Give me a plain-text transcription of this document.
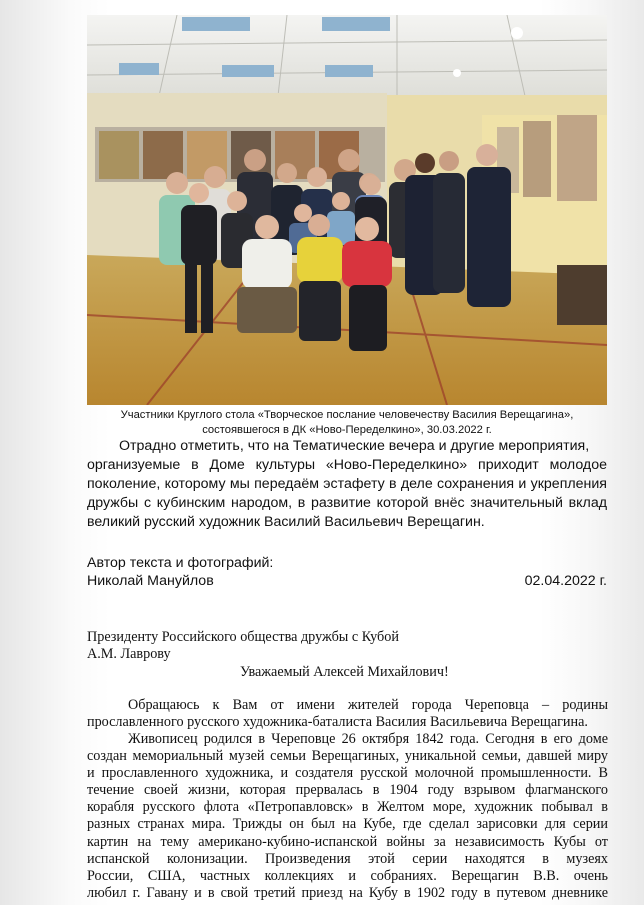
Участники Круглого стола «Творческое послание человечеству Василия Верещагина»,
состоявшегося в ДК «Ново-Переделкино», 30.03.2022 г.

Отрадно отметить, что на Тематические вечера и другие мероприятия,
организуемые в Доме культуры «Ново-Переделкино» приходит молодое
поколение, которому мы передаём эстафету в деле сохранения и укрепления
дружбы с кубинским народом, в развитие которой внёс значительный вклад
великий русский художник Василий Васильевич Верещагин.

Автор текста и фотографий:
Николай Мануйлов	02.04.2022 г.
Президенту Российского общества дружбы с Кубой
А.М. Лаврову
Уважаемый Алексей Михайлович!

Обращаюсь к Вам от имени жителей города Череповца – родины
прославленного русского художника-баталиста Василия Васильевича Верещагина.

Живописец родился в Череповце 26 октября 1842 года. Сегодня в его доме
создан мемориальный музей семьи Верещагиных, уникальной семьи, давшей миру
и прославленного художника, и создателя русской молочной промышленности. В
течение своей жизни, которая прервалась в 1904 году взрывом флагманского
корабля русского флота «Петропавловск» в Желтом море, художник побывал в
разных странах мира. Трижды он был на Кубе, где сделал зарисовки для серии
картин на тему американо-кубино-испанской войны за независимость Кубы от
испанской колонизации. Произведения этой серии находятся в музеях
России, США, частных коллекциях и собраниях. Верещагин В.В. очень
любил г. Гавану и в свой третий приезд на Кубу в 1902 году в путевом дневнике
